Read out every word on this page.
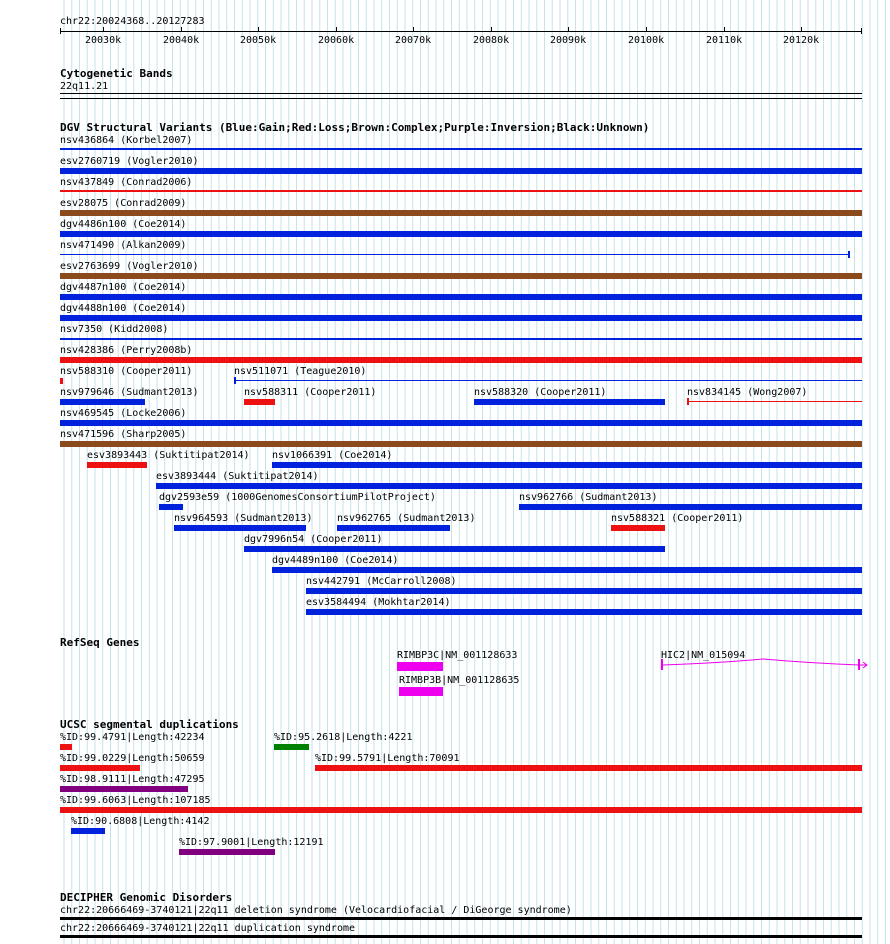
chr22:20024368..20127283
20030k	20040k	20050k	20060k	20070k	20080k	20090k	20100k	20110k	20120k
Cytogenetic Bands
22q11.21
DGV Structural Variants (Blue:Gain;Red:Loss;Brown:Complex;Purple:Inversion;Black:Unknown)
nsv436864 (Korbel2007)
esv2760719 (Vogler2010)
nsv437849 (Conrad2006)
esv28075 (Conrad2009)
dgv4486n100 (Coe2014)
nsv471490 (Alkan2009)
esv2763699 (Vogler2010)
dgv4487n100 (Coe2014)
dgv4488n100 (Coe2014)
nsv7350 (Kidd2008)
nsv428386 (Perry2008b)
nsv588310 (Cooper2011)	nsv511071 (Teague2010)
nsv979646 (Sudmant2013)	nsv588311 (Cooper2011)	nsv588320 (Cooper2011)	nsv834145 (Wong2007)
nsv469545 (Locke2006)
nsv471596 (Sharp2005)
esv3893443 (Suktitipat2014) nsv1066391 (Coe2014)
esv3893444 (Suktitipat2014)
dgv2593e59 (1000GenomesConsortiumPilotProject)	nsv962766 (Sudmant2013)
nsv964593 (Sudmant2013) nsv962765 (Sudmant2013)	nsv588321 (Cooper2011)
dgv7996n54 (Cooper2011)
dgv4489n100 (Coe2014)
nsv442791 (McCarroll2008)
esv3584494 (Mokhtar2014)
RefSeq Genes
RIMBP3C|NM_001128633
RIMBP3B|NM_001128635
HIC2|NM_015094
UCSC segmental duplications
%ID:99.4791|Length:42234	%ID:95.2618|Length:4221
%ID:99.0229|Length:50659	%ID:99.5791|Length:70091
%ID:98.9111|Length:47295
%ID:99.6063|Length:107185
%ID:90.6808|Length:4142
%ID:97.9001|Length:12191
DECIPHER Genomic Disorders
chr22:20666469-3740121|22q11 deletion syndrome (Velocardiofacial / DiGeorge syndrome)
chr22:20666469-3740121|22q11 duplication syndrome
